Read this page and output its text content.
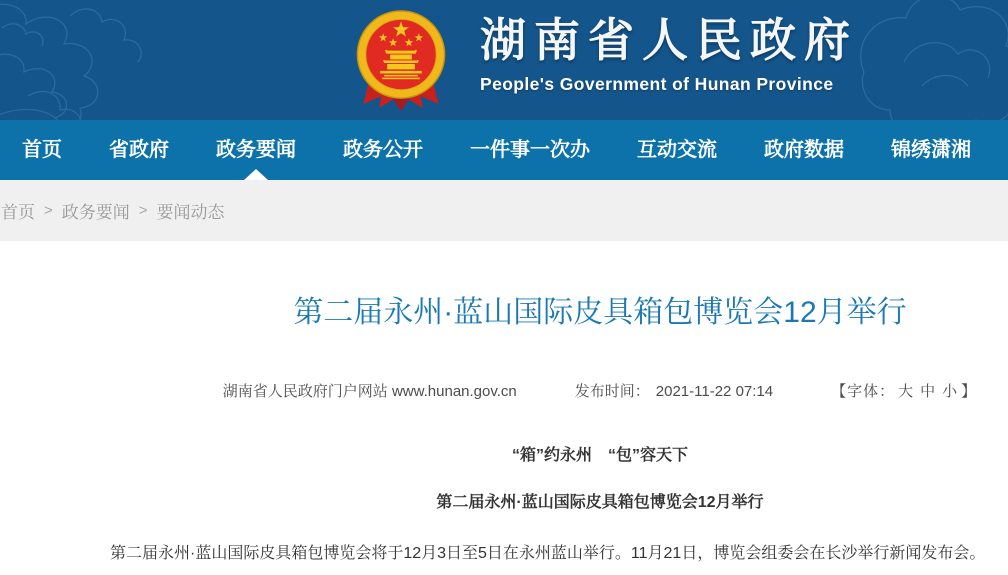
湖南省人民政府
People's Government of Hunan Province
首页 省政府 政务要闻 政务公开 一件事一次办 互动交流 政府数据 锦绣潇湘
首页 > 政务要闻 > 要闻动态
第二届永州·蓝山国际皮具箱包博览会12月举行
湖南省人民政府门户网站 www.hunan.gov.cn	发布时间： 2021-11-22 07:14	【字体： 大 中 小 】

“箱”约永州　“包”容天下

第二届永州·蓝山国际皮具箱包博览会12月举行

第二届永州·蓝山国际皮具箱包博览会将于12月3日至5日在永州蓝山举行。11月21日，博览会组委会在长沙举行新闻发布会。
